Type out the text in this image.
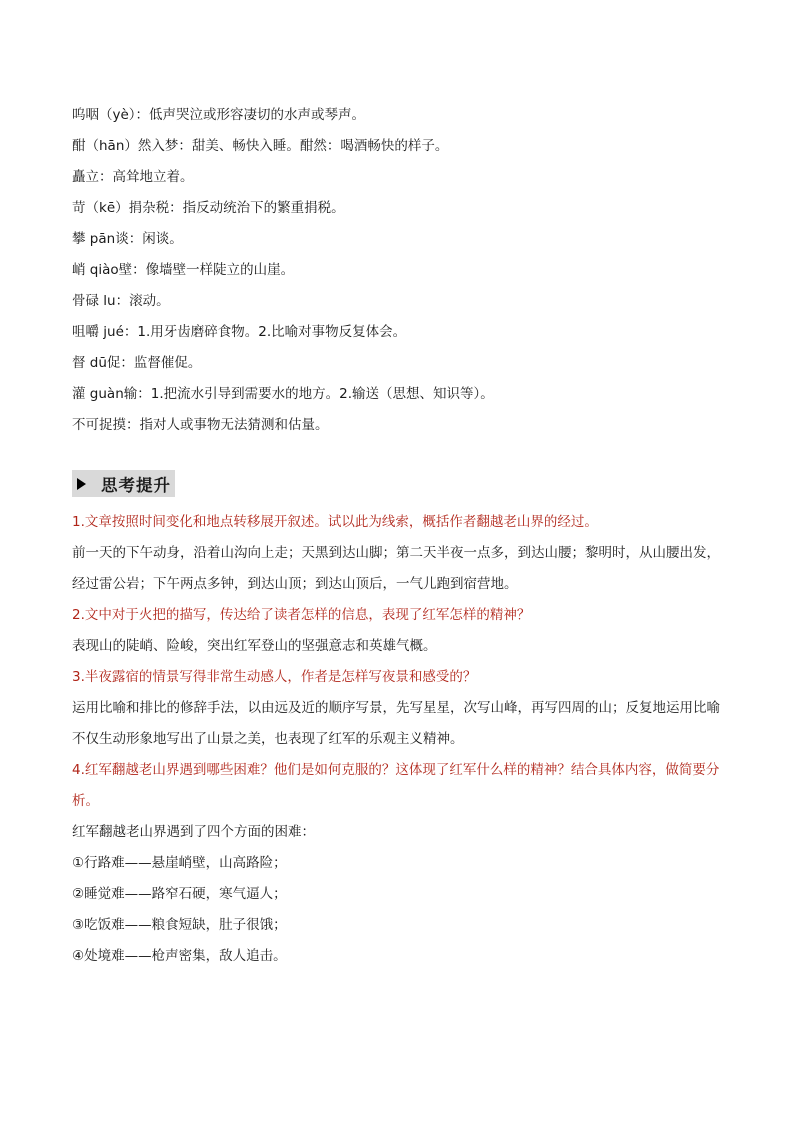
呜咽（yè）：低声哭泣或形容凄切的水声或琴声。
酣（hān）然入梦：甜美、畅快入睡。酣然：喝酒畅快的样子。
矗立：高耸地立着。
苛（kē）捐杂税：指反动统治下的繁重捐税。
攀 pān谈：闲谈。
峭 qiào壁：像墙壁一样陡立的山崖。
骨碌 lu：滚动。
咀嚼 jué：1.用牙齿磨碎食物。2.比喻对事物反复体会。
督 dū促：监督催促。
灌 guàn输：1.把流水引导到需要水的地方。2.输送（思想、知识等）。
不可捉摸：指对人或事物无法猜测和估量。
思考提升
1.文章按照时间变化和地点转移展开叙述。试以此为线索，概括作者翻越老山界的经过。
前一天的下午动身，沿着山沟向上走；天黑到达山脚；第二天半夜一点多，到达山腰；黎明时，从山腰出发，经过雷公岩；下午两点多钟，到达山顶；到达山顶后，一气儿跑到宿营地。
2.文中对于火把的描写，传达给了读者怎样的信息，表现了红军怎样的精神？
表现山的陡峭、险峻，突出红军登山的坚强意志和英雄气概。
3.半夜露宿的情景写得非常生动感人，作者是怎样写夜景和感受的？
运用比喻和排比的修辞手法，以由远及近的顺序写景，先写星星，次写山峰，再写四周的山；反复地运用比喻不仅生动形象地写出了山景之美，也表现了红军的乐观主义精神。
4.红军翻越老山界遇到哪些困难？他们是如何克服的？这体现了红军什么样的精神？结合具体内容，做简要分析。
红军翻越老山界遇到了四个方面的困难：
①行路难——悬崖峭壁，山高路险；
②睡觉难——路窄石硬，寒气逼人；
③吃饭难——粮食短缺，肚子很饿；
④处境难——枪声密集，敌人追击。
